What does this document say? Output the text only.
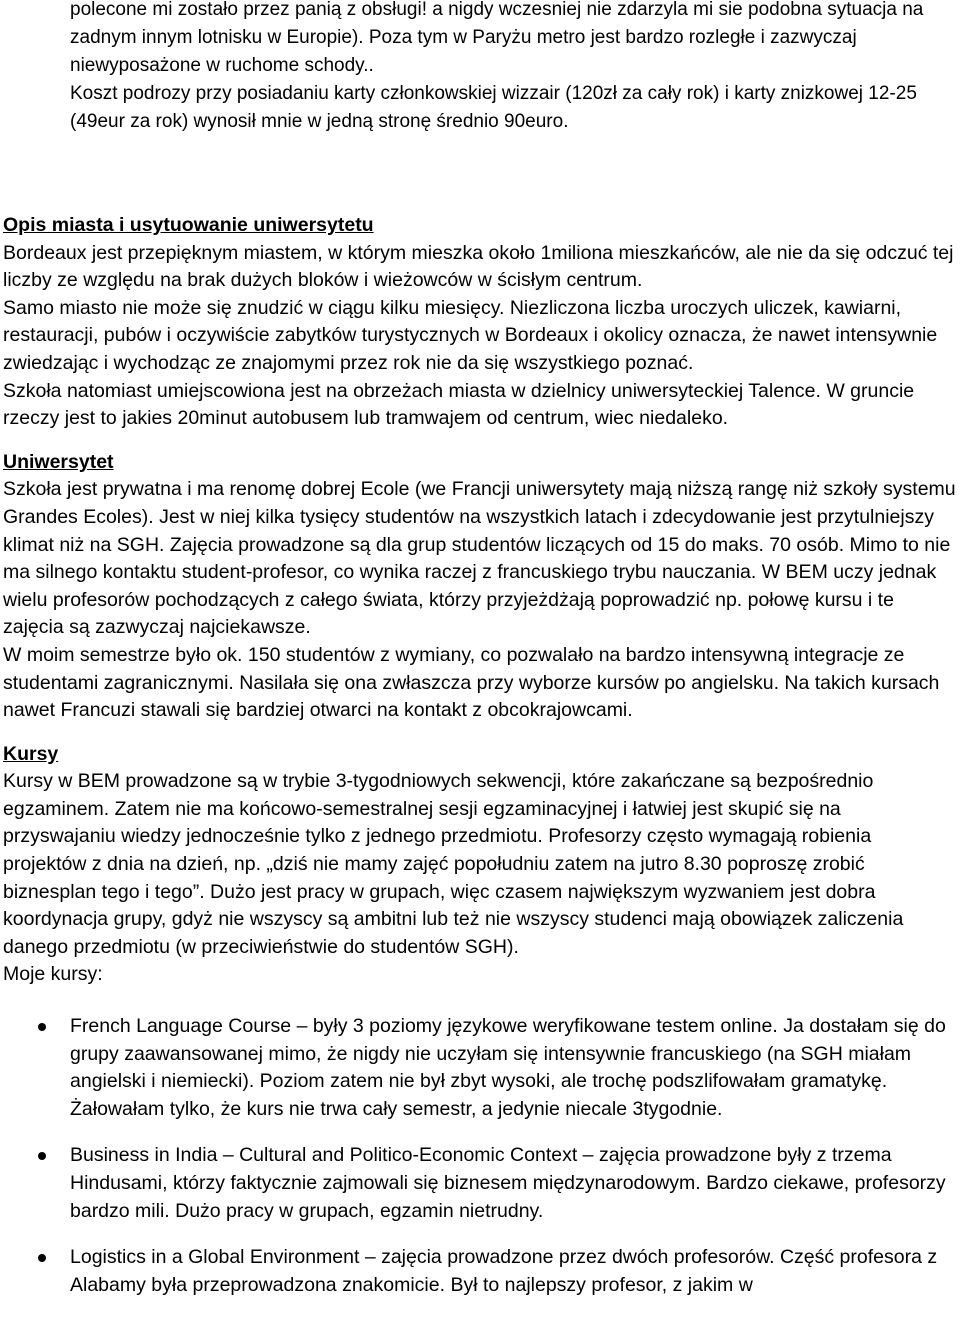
polecone mi zostało przez panią z obsługi! a nigdy wczesniej nie zdarzyla mi sie podobna sytuacja na zadnym innym lotnisku w Europie). Poza tym w Paryżu metro jest bardzo rozległe i zazwyczaj niewyposażone w ruchome schody..

Koszt podrozy przy posiadaniu karty członkowskiej wizzair (120zł za cały rok) i karty znizkowej 12-25 (49eur za rok) wynosił mnie w jedną stronę średnio 90euro.

Opis miasta i usytuowanie uniwersytetu

Bordeaux jest przepięknym miastem, w którym mieszka około 1miliona mieszkańców, ale nie da się odczuć tej liczby ze względu na brak dużych bloków i wieżowców w ścisłym centrum.

Samo miasto nie może się znudzić w ciągu kilku miesięcy. Niezliczona liczba uroczych uliczek, kawiarni, restauracji, pubów i oczywiście zabytków turystycznych w Bordeaux i okolicy oznacza, że nawet intensywnie zwiedzając i wychodząc ze znajomymi przez rok nie da się wszystkiego poznać.

Szkoła natomiast umiejscowiona jest na obrzeżach miasta w dzielnicy uniwersyteckiej Talence. W gruncie rzeczy jest to jakies 20minut autobusem lub tramwajem od centrum, wiec niedaleko.

Uniwersytet

Szkoła jest prywatna i ma renomę dobrej Ecole (we Francji uniwersytety mają niższą rangę niż szkoły systemu Grandes Ecoles). Jest w niej kilka tysięcy studentów na wszystkich latach i zdecydowanie jest przytulniejszy klimat niż na SGH. Zajęcia prowadzone są dla grup studentów liczących od 15 do maks. 70 osób. Mimo to nie ma silnego kontaktu student-profesor, co wynika raczej z francuskiego trybu nauczania. W BEM uczy jednak wielu profesorów pochodzących z całego świata, którzy przyjeżdżają poprowadzić np. połowę kursu i te zajęcia są zazwyczaj najciekawsze.

W moim semestrze było ok. 150 studentów z wymiany, co pozwalało na bardzo intensywną integracje ze studentami zagranicznymi. Nasilała się ona zwłaszcza przy wyborze kursów po angielsku. Na takich kursach nawet Francuzi stawali się bardziej otwarci na kontakt z obcokrajowcami.

Kursy

Kursy w BEM prowadzone są w trybie 3-tygodniowych sekwencji, które zakańczane są bezpośrednio egzaminem. Zatem nie ma końcowo-semestralnej sesji egzaminacyjnej i łatwiej jest skupić się na przyswajaniu wiedzy jednocześnie tylko z jednego przedmiotu. Profesorzy często wymagają robienia projektów z dnia na dzień, np. „dziś nie mamy zajęć popołudniu zatem na jutro 8.30 poproszę zrobić biznesplan tego i tego”. Dużo jest pracy w grupach, więc czasem największym wyzwaniem jest dobra koordynacja grupy, gdyż nie wszyscy są ambitni lub też nie wszyscy studenci mają obowiązek zaliczenia danego przedmiotu (w przeciwieństwie do studentów SGH).

Moje kursy:

French Language Course – były 3 poziomy językowe weryfikowane testem online. Ja dostałam się do grupy zaawansowanej mimo, że nigdy nie uczyłam się intensywnie francuskiego (na SGH miałam angielski i niemiecki). Poziom zatem nie był zbyt wysoki, ale trochę podszlifowałam gramatykę. Żałowałam tylko, że kurs nie trwa cały semestr, a jedynie niecale 3tygodnie.
Business in India – Cultural and Politico-Economic Context – zajęcia prowadzone były z trzema Hindusami, którzy faktycznie zajmowali się biznesem międzynarodowym. Bardzo ciekawe, profesorzy bardzo mili. Dużo pracy w grupach, egzamin nietrudny.
Logistics in a Global Environment – zajęcia prowadzone przez dwóch profesorów. Część profesora z Alabamy była przeprowadzona znakomicie. Był to najlepszy profesor, z jakim w
